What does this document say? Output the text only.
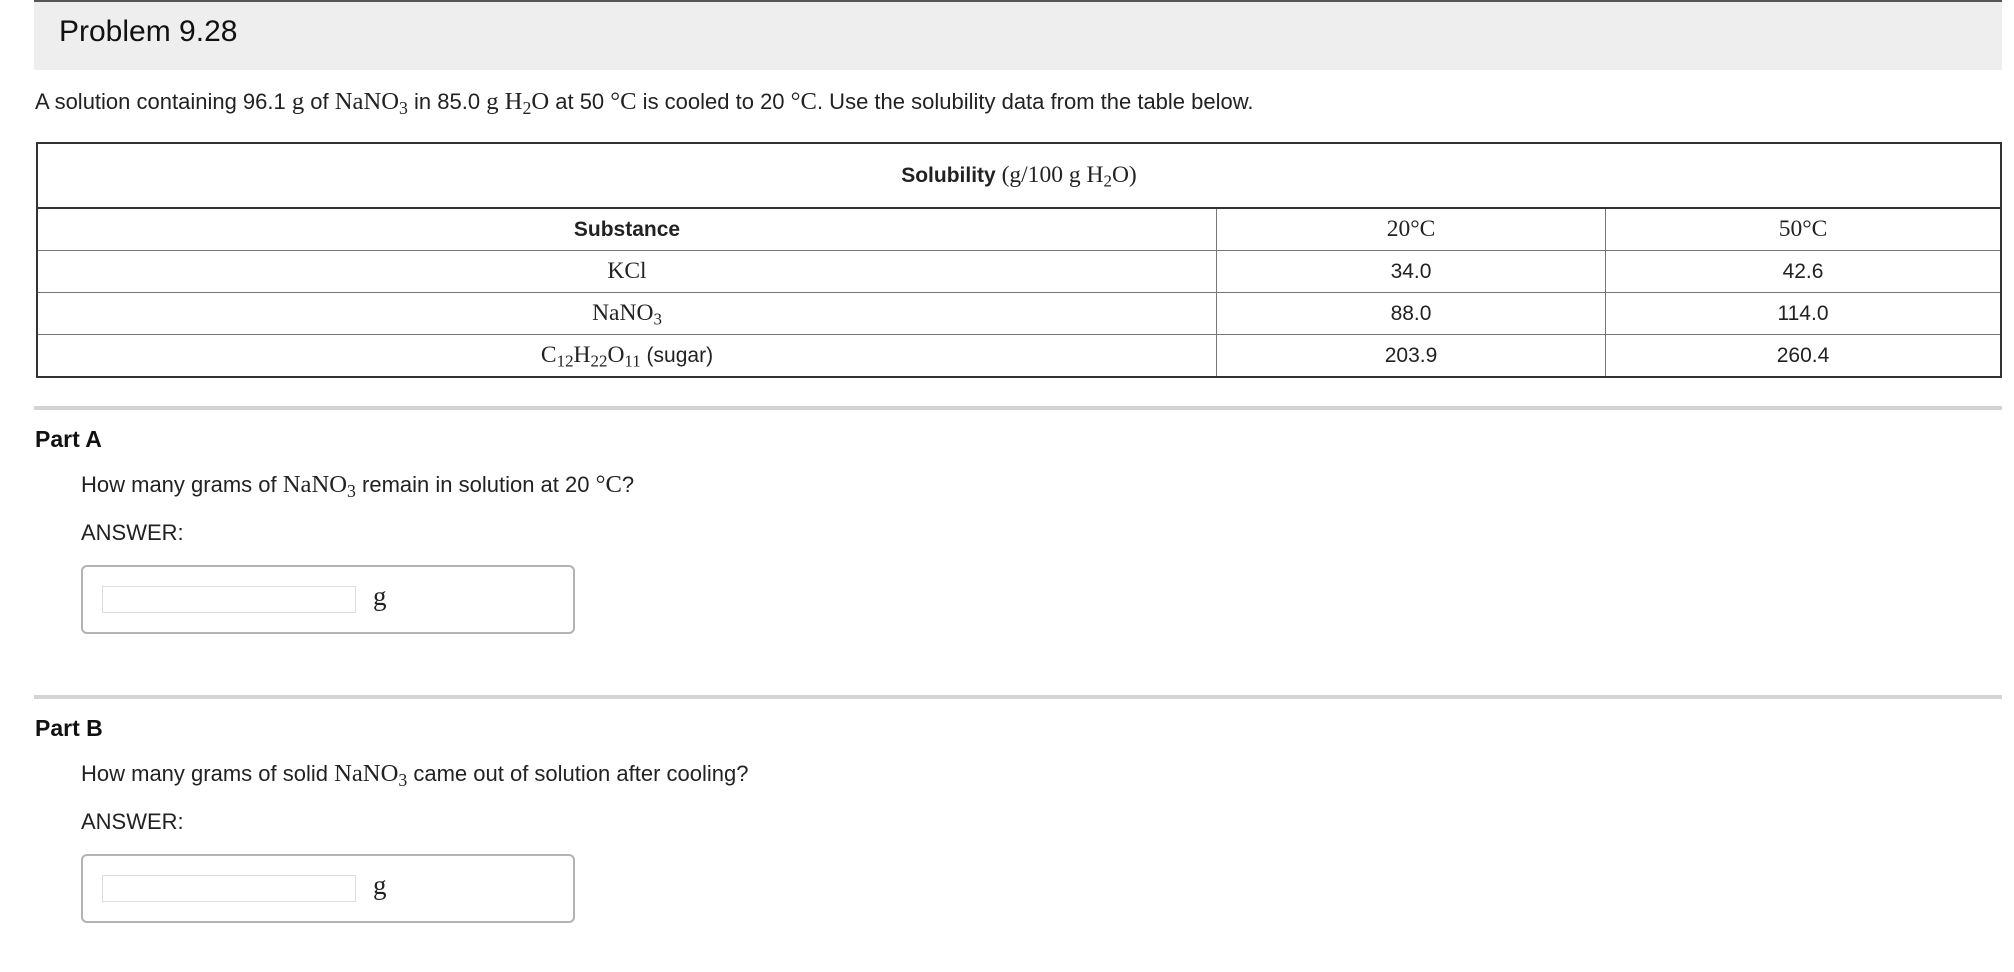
Problem 9.28
A solution containing 96.1 g of NaNO$_3$ in 85.0 g $H_2O$ at 50 °C is cooled to 20 °C. Use the solubility data from the table below.
Solubility (g/100 g $H_2O$)		
Substance	20°C	50°C
KCl	34.0	42.6
NaNO$_3$	88.0	114.0
$C_{12}H_{22}O_{11}$ (sugar)	203.9	260.4
Part A
How many grams of NaNO$_3$ remain in solution at 20 °C?
ANSWER:
g
Part B
How many grams of solid NaNO$_3$ came out of solution after cooling?
ANSWER:
g
